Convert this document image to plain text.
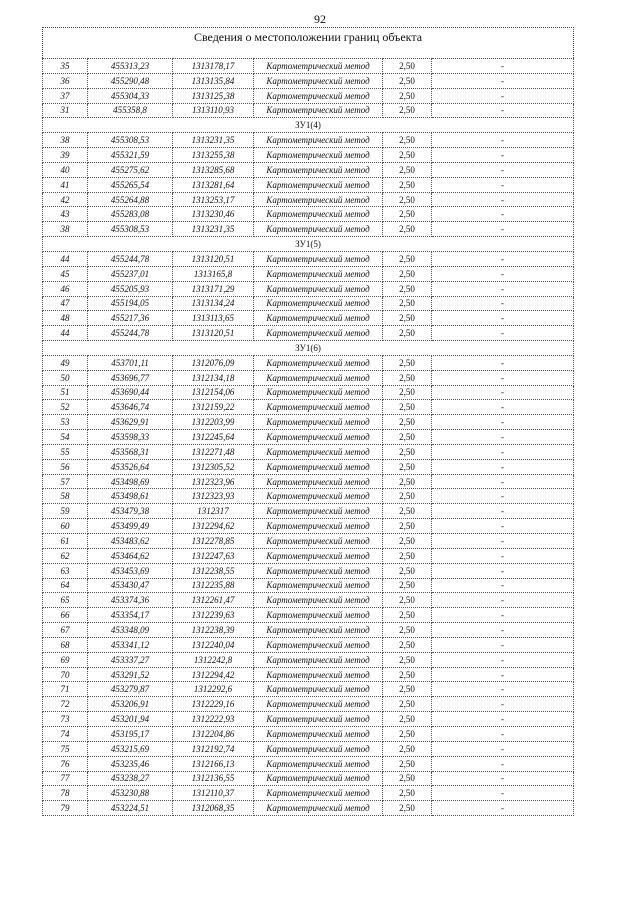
92
Сведения о местоположении границ объекта
35	455313,23	1313178,17	Картометрический метод	2,50	-
36	455290,48	1313135,84	Картометрический метод	2,50	-
37	455304,33	1313125,38	Картометрический метод	2,50	-
31	455358,8	1313110,93	Картометрический метод	2,50	-
ЗУ1(4)					
38	455308,53	1313231,35	Картометрический метод	2,50	-
39	455321,59	1313255,38	Картометрический метод	2,50	-
40	455275,62	1313285,68	Картометрический метод	2,50	-
41	455265,54	1313281,64	Картометрический метод	2,50	-
42	455264,88	1313253,17	Картометрический метод	2,50	-
43	455283,08	1313230,46	Картометрический метод	2,50	-
38	455308,53	1313231,35	Картометрический метод	2,50	-
ЗУ1(5)					
44	455244,78	1313120,51	Картометрический метод	2,50	-
45	455237,01	1313165,8	Картометрический метод	2,50	-
46	455205,93	1313171,29	Картометрический метод	2,50	-
47	455194,05	1313134,24	Картометрический метод	2,50	-
48	455217,36	1313113,65	Картометрический метод	2,50	-
44	455244,78	1313120,51	Картометрический метод	2,50	-
ЗУ1(6)					
49	453701,11	1312076,09	Картометрический метод	2,50	-
50	453696,77	1312134,18	Картометрический метод	2,50	-
51	453690,44	1312154,06	Картометрический метод	2,50	-
52	453646,74	1312159,22	Картометрический метод	2,50	-
53	453629,91	1312203,99	Картометрический метод	2,50	-
54	453598,33	1312245,64	Картометрический метод	2,50	-
55	453568,31	1312271,48	Картометрический метод	2,50	-
56	453526,64	1312305,52	Картометрический метод	2,50	-
57	453498,69	1312323,96	Картометрический метод	2,50	-
58	453498,61	1312323,93	Картометрический метод	2,50	-
59	453479,38	1312317	Картометрический метод	2,50	-
60	453499,49	1312294,62	Картометрический метод	2,50	-
61	453483,62	1312278,85	Картометрический метод	2,50	-
62	453464,62	1312247,63	Картометрический метод	2,50	-
63	453453,69	1312238,55	Картометрический метод	2,50	-
64	453430,47	1312235,88	Картометрический метод	2,50	-
65	453374,36	1312261,47	Картометрический метод	2,50	-
66	453354,17	1312239,63	Картометрический метод	2,50	-
67	453348,09	1312238,39	Картометрический метод	2,50	-
68	453341,12	1312240,04	Картометрический метод	2,50	-
69	453337,27	1312242,8	Картометрический метод	2,50	-
70	453291,52	1312294,42	Картометрический метод	2,50	-
71	453279,87	1312292,6	Картометрический метод	2,50	-
72	453206,91	1312229,16	Картометрический метод	2,50	-
73	453201,94	1312222,93	Картометрический метод	2,50	-
74	453195,17	1312204,86	Картометрический метод	2,50	-
75	453215,69	1312192,74	Картометрический метод	2,50	-
76	453235,46	1312166,13	Картометрический метод	2,50	-
77	453238,27	1312136,55	Картометрический метод	2,50	-
78	453230,88	1312110,37	Картометрический метод	2,50	-
79	453224,51	1312068,35	Картометрический метод	2,50	-
